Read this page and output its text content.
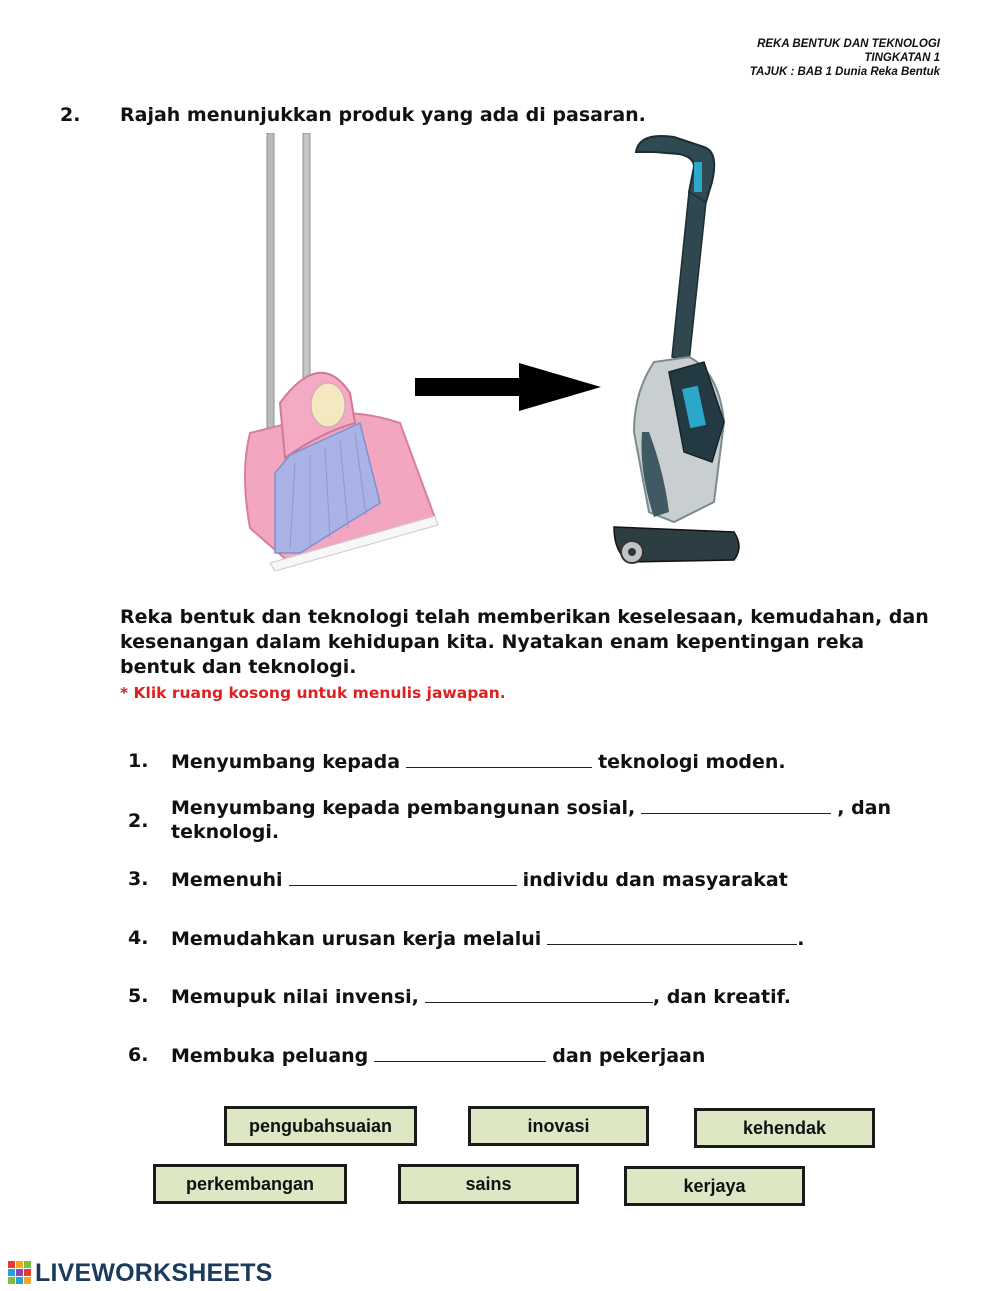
REKA BENTUK DAN TEKNOLOGI
TINGKATAN 1
TAJUK : BAB 1 Dunia Reka Bentuk
2. Rajah menunjukkan produk yang ada di pasaran.
Reka bentuk dan teknologi telah memberikan keselesaan, kemudahan, dan kesenangan dalam kehidupan kita. Nyatakan enam kepentingan reka bentuk dan teknologi.
* Klik ruang kosong untuk menulis jawapan.
1. Menyumbang kepada	teknologi moden.
2.
Menyumbang kepada pembangunan sosial,	, dan
teknologi.
3. Memenuhi	individu dan masyarakat
4. Memudahkan urusan kerja melalui	.
5. Memupuk nilai invensi,	, dan kreatif.
6. Membuka peluang	dan pekerjaan
pengubahsuaian	inovasi	kehendak
perkembangan	sains	kerjaya
LIVEWORKSHEETS
